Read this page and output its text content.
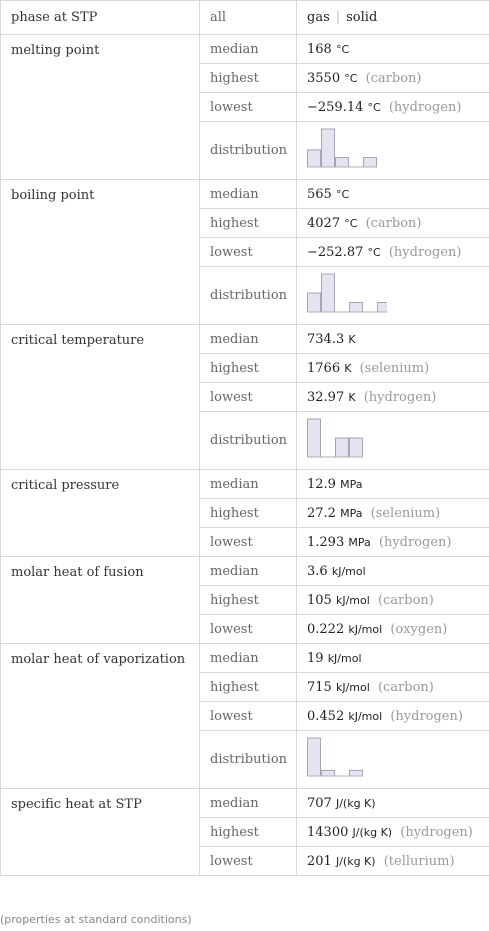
phase at STP	all	gas | solid
melting point	median	168 °C
	highest	3550 °C (carbon)
	lowest	−259.14 °C (hydrogen)
	distribution	

boiling point	median	565 °C
	highest	4027 °C (carbon)
	lowest	−252.87 °C (hydrogen)
	distribution	

critical temperature	median	734.3 K
	highest	1766 K (selenium)
	lowest	32.97 K (hydrogen)
	distribution	

critical pressure	median	12.9 MPa
	highest	27.2 MPa (selenium)
	lowest	1.293 MPa (hydrogen)
molar heat of fusion	median	3.6 kJ/mol
	highest	105 kJ/mol (carbon)
	lowest	0.222 kJ/mol (oxygen)
molar heat of vaporization	median	19 kJ/mol
	highest	715 kJ/mol (carbon)
	lowest	0.452 kJ/mol (hydrogen)
	distribution	

specific heat at STP	median	707 J/(kg K)
	highest	14300 J/(kg K) (hydrogen)
	lowest	201 J/(kg K) (tellurium)
(properties at standard conditions)
